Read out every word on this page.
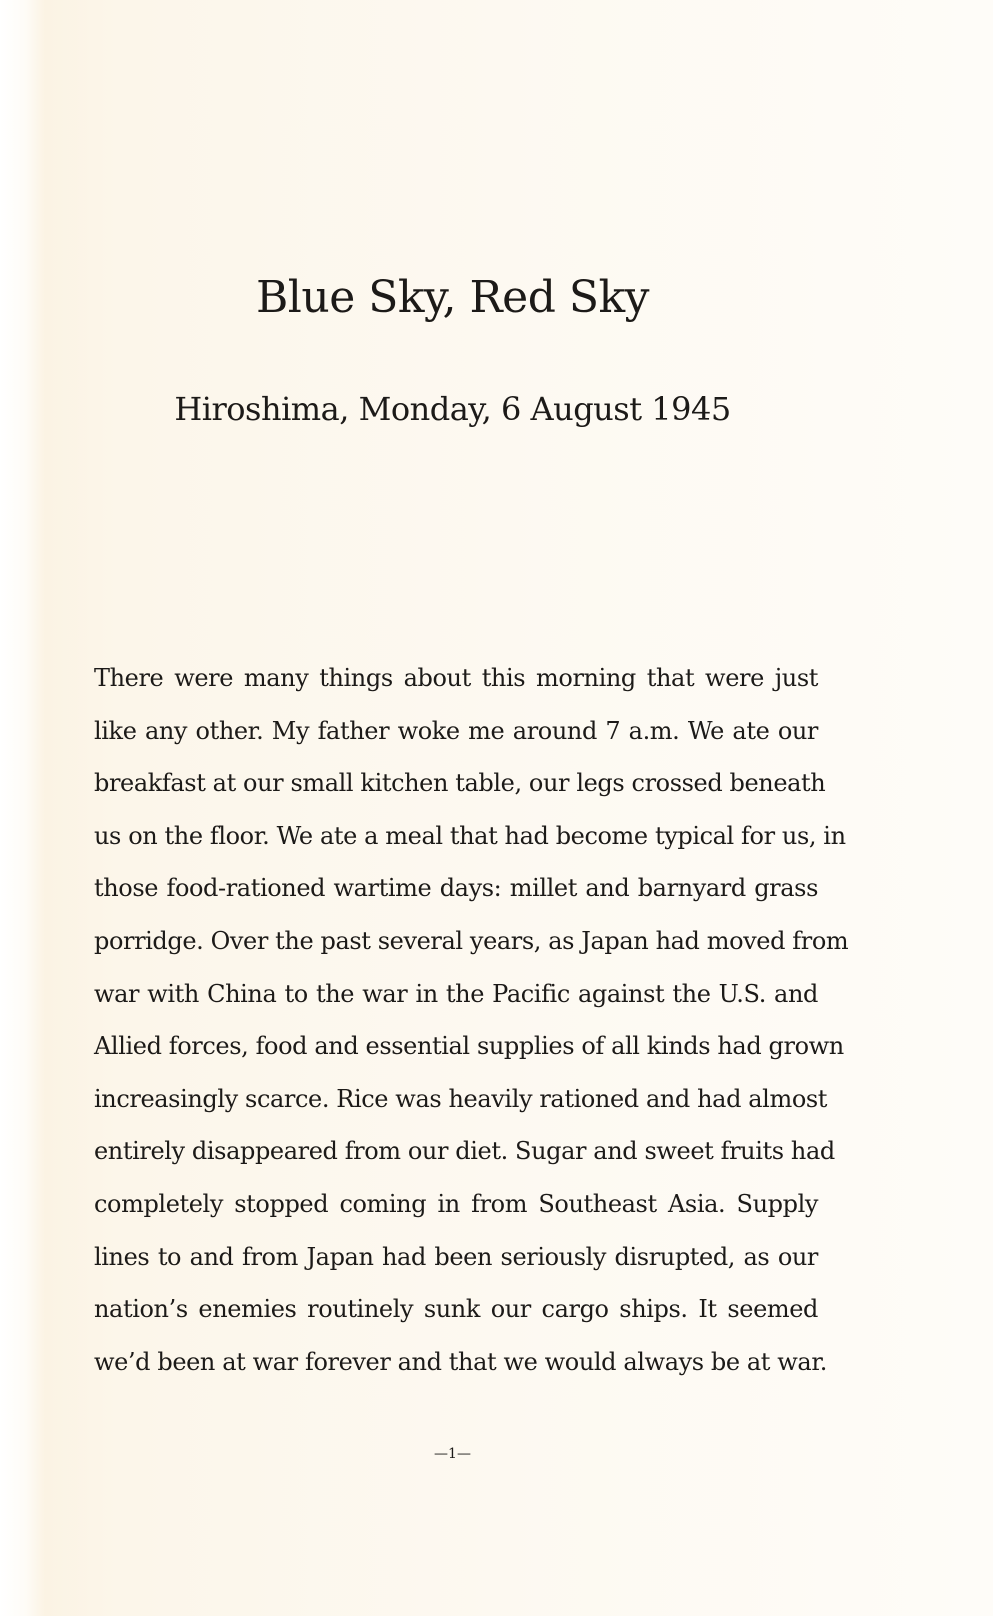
Blue Sky, Red Sky
Hiroshima, Monday, 6 August 1945
There were many things about this morning that were just
like any other. My father woke me around 7 a.m. We ate our
breakfast at our small kitchen table, our legs crossed beneath
us on the floor. We ate a meal that had become typical for us, in
those food-rationed wartime days: millet and barnyard grass
porridge. Over the past several years, as Japan had moved from
war with China to the war in the Pacific against the U.S. and
Allied forces, food and essential supplies of all kinds had grown
increasingly scarce. Rice was heavily rationed and had almost
entirely disappeared from our diet. Sugar and sweet fruits had
completely stopped coming in from Southeast Asia. Supply
lines to and from Japan had been seriously disrupted, as our
nation’s enemies routinely sunk our cargo ships. It seemed
we’d been at war forever and that we would always be at war.
—1—
